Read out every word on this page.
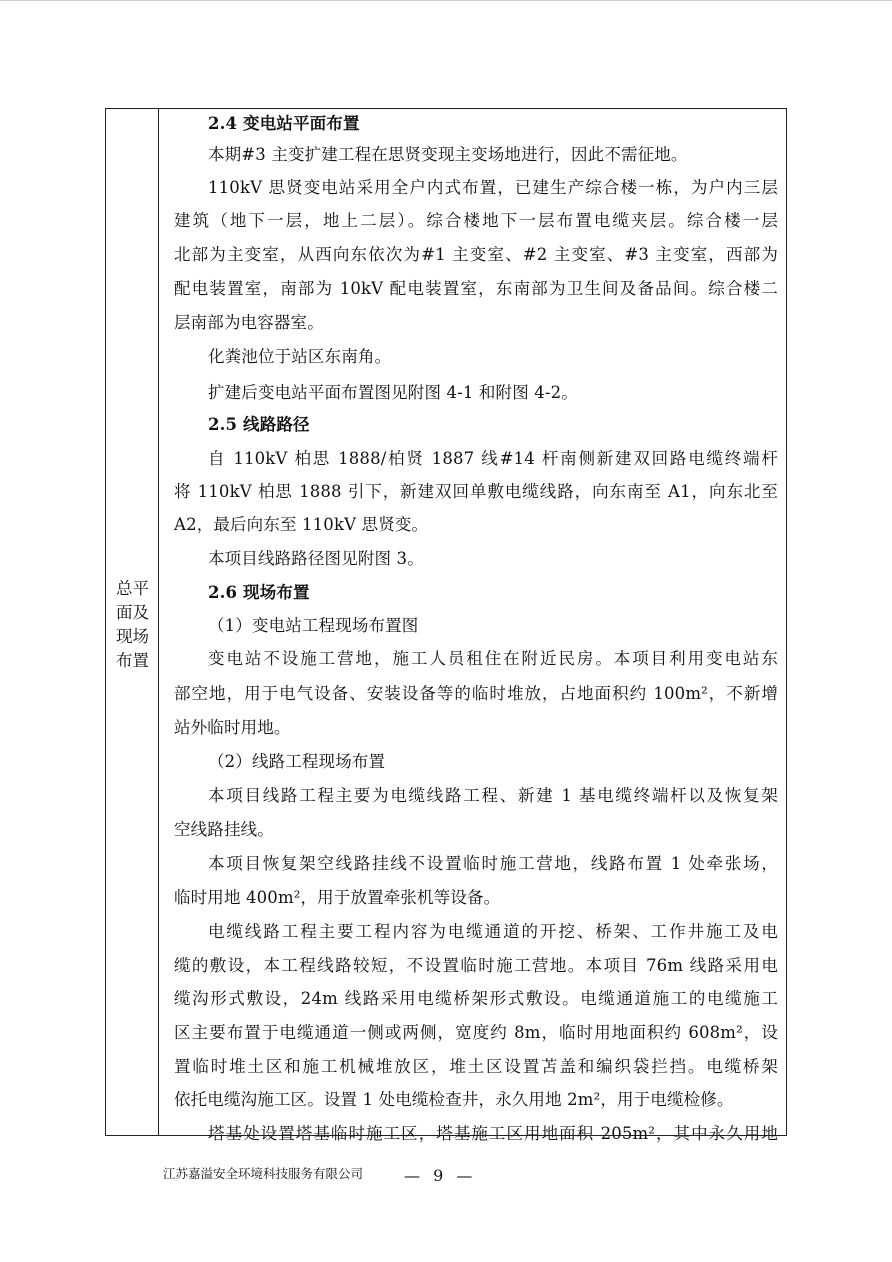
总平
面及
现场
布置
2.4 变电站平面布置
本期#3 主变扩建工程在思贤变现主变场地进行，因此不需征地。
110kV 思贤变电站采用全户内式布置，已建生产综合楼一栋，为户内三层
建筑（地下一层，地上二层）。综合楼地下一层布置电缆夹层。综合楼一层
北部为主变室，从西向东依次为#1 主变室、#2 主变室、#3 主变室，西部为
配电装置室，南部为 10kV 配电装置室，东南部为卫生间及备品间。综合楼二
层南部为电容器室。
化粪池位于站区东南角。
扩建后变电站平面布置图见附图 4-1 和附图 4-2。
2.5 线路路径
自 110kV 柏思 1888/柏贤 1887 线#14 杆南侧新建双回路电缆终端杆
将 110kV 柏思 1888 引下，新建双回单敷电缆线路，向东南至 A1，向东北至
A2，最后向东至 110kV 思贤变。
本项目线路路径图见附图 3。
2.6 现场布置
（1）变电站工程现场布置图
变电站不设施工营地，施工人员租住在附近民房。本项目利用变电站东
部空地，用于电气设备、安装设备等的临时堆放，占地面积约 100m²，不新增
站外临时用地。
（2）线路工程现场布置
本项目线路工程主要为电缆线路工程、新建 1 基电缆终端杆以及恢复架
空线路挂线。
本项目恢复架空线路挂线不设置临时施工营地，线路布置 1 处牵张场，
临时用地 400m²，用于放置牵张机等设备。
电缆线路工程主要工程内容为电缆通道的开挖、桥架、工作井施工及电
缆的敷设，本工程线路较短，不设置临时施工营地。本项目 76m 线路采用电
缆沟形式敷设，24m 线路采用电缆桥架形式敷设。电缆通道施工的电缆施工
区主要布置于电缆通道一侧或两侧，宽度约 8m，临时用地面积约 608m²，设
置临时堆土区和施工机械堆放区，堆土区设置苫盖和编织袋拦挡。电缆桥架
依托电缆沟施工区。设置 1 处电缆检查井，永久用地 2m²，用于电缆检修。
塔基处设置塔基临时施工区，塔基施工区用地面积 205m²，其中永久用地
江苏嘉溢安全环境科技服务有限公司	— 9 —
